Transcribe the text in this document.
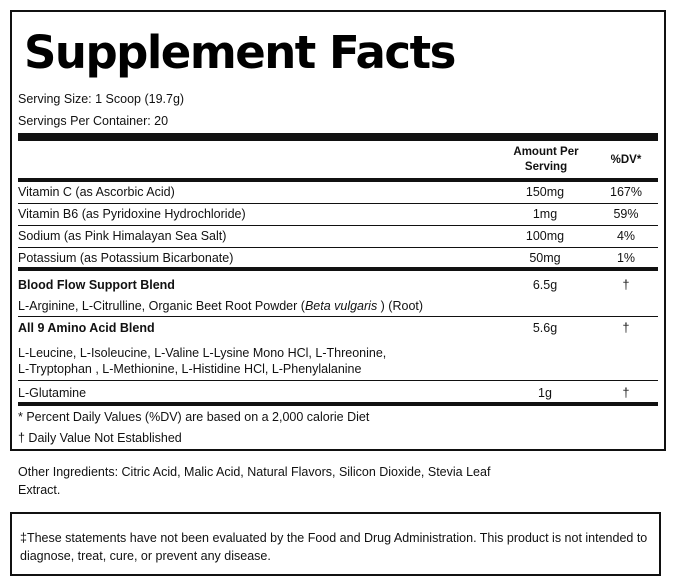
Supplement Facts
Serving Size: 1 Scoop (19.7g)
Servings Per Container: 20
Amount Per
Serving
%DV*
Vitamin C (as Ascorbic Acid)	150mg	167%
Vitamin B6 (as Pyridoxine Hydrochloride)	1mg	59%
Sodium (as Pink Himalayan Sea Salt)	100mg	4%
Potassium (as Potassium Bicarbonate)	50mg	1%
Blood Flow Support Blend	6.5g	†
L-Arginine, L-Citrulline, Organic Beet Root Powder (Beta vulgaris ) (Root)
All 9 Amino Acid Blend	5.6g	†
L-Leucine, L-Isoleucine, L-Valine L-Lysine Mono HCl, L-Threonine,
L-Tryptophan , L-Methionine, L-Histidine HCl, L-Phenylalanine
L-Glutamine	1g	†
* Percent Daily Values (%DV) are based on a 2,000 calorie Diet
† Daily Value Not Established
Other Ingredients: Citric Acid, Malic Acid, Natural Flavors, Silicon Dioxide, Stevia Leaf Extract.
‡These statements have not been evaluated by the Food and Drug Administration. This product is not intended to diagnose, treat, cure, or prevent any disease.
